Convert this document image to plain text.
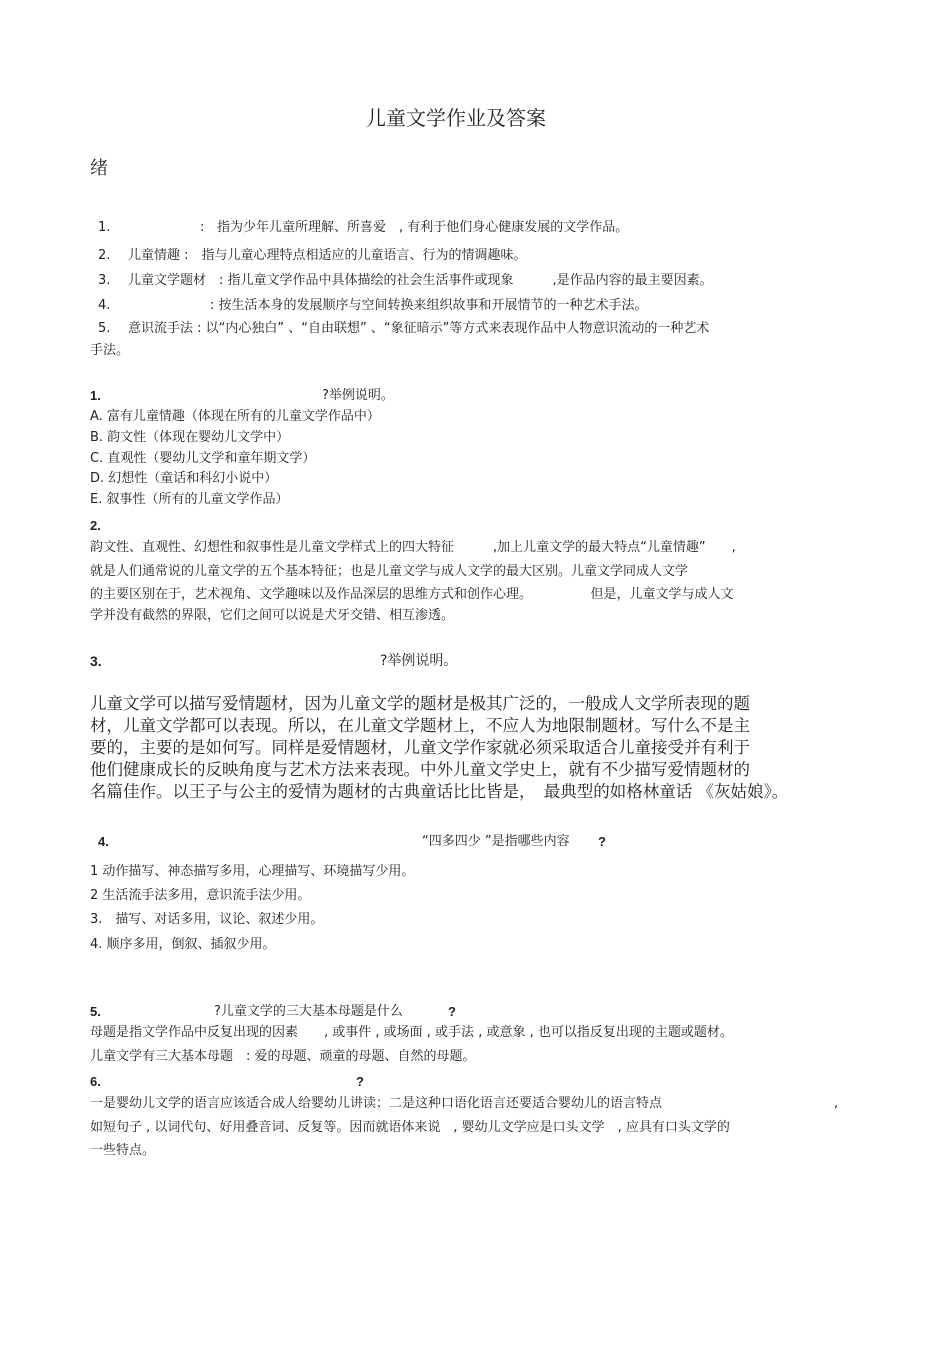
儿童文学作业及答案
绪
1.	: 指为少年儿童所理解、所喜爱　, 有利于他们身心健康发展的文学作品。
2. 儿童情趣 :　指与儿童心理特点相适应的儿童语言、行为的情调趣味。
3. 儿童文学题材　: 指儿童文学作品中具体描绘的社会生活事件或现象　　　,是作品内容的最主要因素。
4.	: 按生活本身的发展顺序与空间转换来组织故事和开展情节的一种艺术手法。
5. 意识流手法 : 以“内心独白” 、“自由联想” 、“象征暗示”等方式来表现作品中人物意识流动的一种艺术
手法。
1.	?举例说明。
A. 富有儿童情趣（体现在所有的儿童文学作品中）
B. 韵文性（体现在婴幼儿文学中）
C. 直观性（婴幼儿文学和童年期文学）
D. 幻想性（童话和科幻小说中）
E. 叙事性（所有的儿童文学作品）
2.
韵文性、直观性、幻想性和叙事性是儿童文学样式上的四大特征　　　,加上儿童文学的最大特点“儿童情趣”　　,
就是人们通常说的儿童文学的五个基本特征；也是儿童文学与成人文学的最大区别。儿童文学同成人文学
的主要区别在于，艺术视角、文学趣味以及作品深层的思维方式和创作心理。　　　　　但是，儿童文学与成人文
学并没有截然的界限，它们之间可以说是犬牙交错、相互渗透。
3.	?举例说明。
儿童文学可以描写爱情题材，因为儿童文学的题材是极其广泛的，一般成人文学所表现的题
材，儿童文学都可以表现。所以，在儿童文学题材上，不应人为地限制题材。写什么不是主
要的，主要的是如何写。同样是爱情题材，儿童文学作家就必须采取适合儿童接受并有利于
他们健康成长的反映角度与艺术方法来表现。中外儿童文学史上，就有不少描写爱情题材的
名篇佳作。以王子与公主的爱情为题材的古典童话比比皆是，　最典型的如格林童话 《灰姑娘》。
4.	“四多四少 ”是指哪些内容 ?
1 动作描写、神态描写多用，心理描写、环境描写少用。
2 生活流手法多用，意识流手法少用。
3.　描写、对话多用，议论、叙述少用。
4. 顺序多用，倒叙、插叙少用。
5.	?儿童文学的三大基本母题是什么	?
母题是指文学作品中反复出现的因素　　, 或事件 , 或场面 , 或手法 , 或意象 , 也可以指反复出现的主题或题材。
儿童文学有三大基本母题　: 爱的母题、顽童的母题、自然的母题。
6.	?
一是婴幼儿文学的语言应该适合成人给婴幼儿讲读；二是这种口语化语言还要适合婴幼儿的语言特点	,
如短句子 , 以词代句、好用叠音词、反复等。因而就语体来说　, 婴幼儿文学应是口头文学　, 应具有口头文学的
一些特点。
